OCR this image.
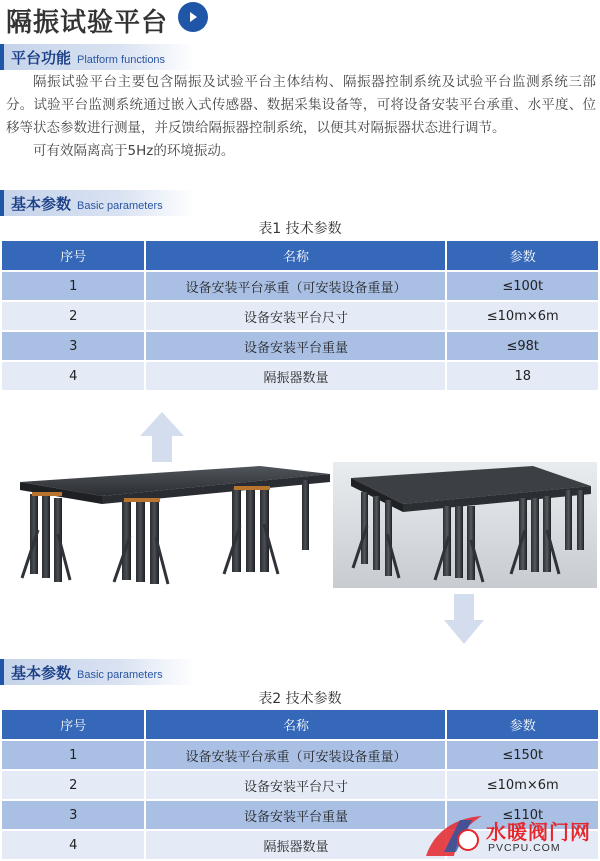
隔振试验平台
平台功能 Platform functions

隔振试验平台主要包含隔振及试验平台主体结构、隔振器控制系统及试验平台监测系统三部分。试验平台监测系统通过嵌入式传感器、数据采集设备等，可将设备安装平台承重、水平度、位移等状态参数进行测量，并反馈给隔振器控制系统，以便其对隔振器状态进行调节。

可有效隔离高于5Hz的环境振动。

基本参数 Basic parameters
表1 技术参数
序号	名称	参数
1	设备安装平台承重（可安装设备重量）	≤100t
2	设备安装平台尺寸	≤10m×6m
3	设备安装平台重量	≤98t
4	隔振器数量	18
基本参数 Basic parameters
表2 技术参数
序号	名称	参数
1	设备安装平台承重（可安装设备重量）	≤150t
2	设备安装平台尺寸	≤10m×6m
3	设备安装平台重量	≤110t
4	隔振器数量	
水暖阀门网
PVCPU.COM
